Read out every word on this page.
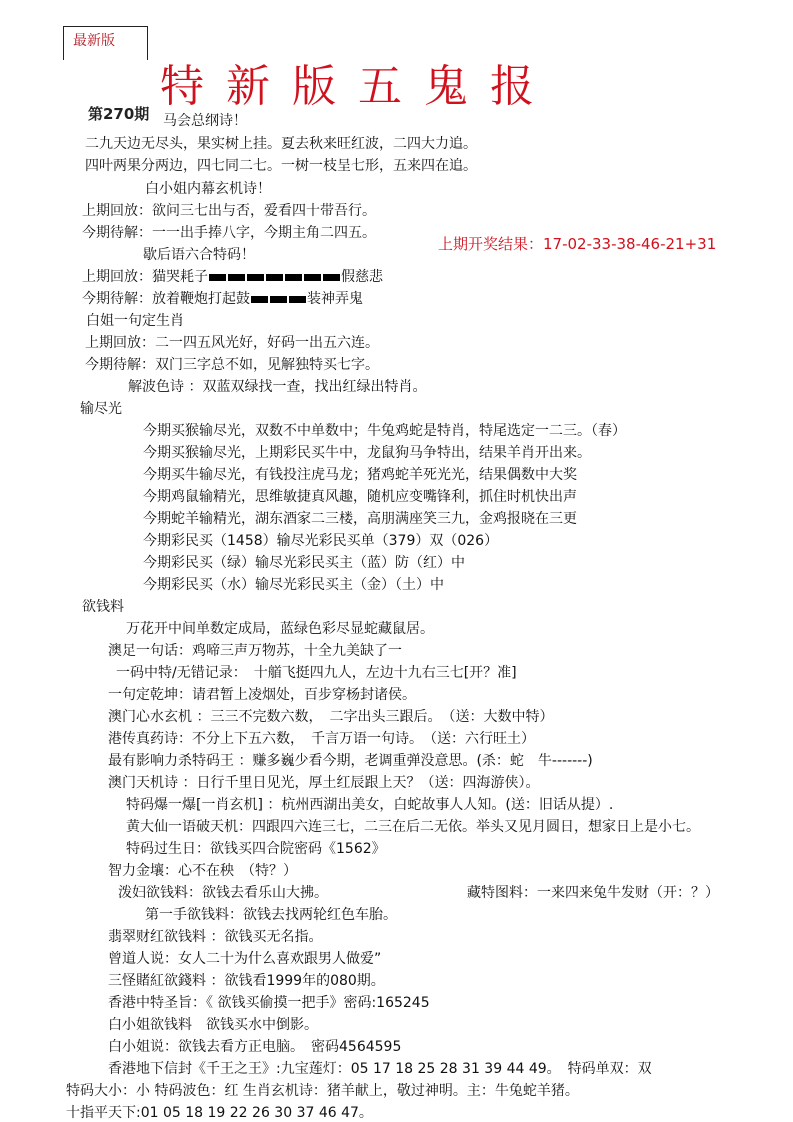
最新版
特新版五鬼报
第270期
上期开奖结果：17-02-33-38-46-21+31
马会总纲诗！
二九天边无尽头，果实树上挂。夏去秋来旺红波，二四大力追。
四叶两果分两边，四七同二七。一树一枝呈七形，五来四在追。
白小姐内幕玄机诗！
上期回放：欲问三七出与否，爱看四十带吾行。
今期待解：一一出手捧八字，今期主角二四五。
歇后语六合特码！
上期回放：猫哭耗子	假慈悲
今期待解：放着鞭炮打起鼓	装神弄鬼
白姐一句定生肖
上期回放：二一四五风光好，好码一出五六连。
今期待解：双门三字总不如，见解独特买七字。
解波色诗 ：双蓝双绿找一查，找出红绿出特肖。
输尽光
今期买猴输尽光，双数不中单数中；牛兔鸡蛇是特肖，特尾选定一二三。（春）
今期买猴输尽光，上期彩民买牛中，龙鼠狗马争特出，结果羊肖开出来。
今期买牛输尽光，有钱投注虎马龙；猪鸡蛇羊死光光，结果偶数中大奖
今期鸡鼠输精光，思维敏捷真风趣，随机应变嘴锋利，抓住时机快出声
今期蛇羊输精光，湖东酒家二三楼，高朋满座笑三九，金鸡报晓在三更
今期彩民买（1458）输尽光彩民买单（379）双（026）
今期彩民买（绿）输尽光彩民买主（蓝）防（红）中
今期彩民买（水）输尽光彩民买主（金）（土）中
欲钱料
万花开中间单数定成局，蓝绿色彩尽显蛇藏鼠居。
澳足一句话：鸡啼三声万物苏，十全九美缺了一
一码中特/无错记录：　十艏飞挺四九人，左边十九右三七[开？准]
一句定乾坤：请君暂上凌烟处，百步穿杨封诸侯。
澳门心水玄机 ：三三不完数六数，　二字出头三跟后。　（送：大数中特）
港传真药诗：不分上下五六数，　千言万语一句诗。　（送：六行旺土）
最有影响力杀特码王 ：赚多巍少看今期，老调重弹没意思。(杀：蛇　牛-------)
澳门天机诗 ：日行千里日见光，厚土红辰跟上天？（送：四海游侠）。
特码爆一爆[一肖玄机] ：杭州西湖出美女，白蛇故事人人知。(送：旧话从提）.
黄大仙一语破天机：四跟四六连三七，二三在后二无依。举头又见月圆日，想家日上是小七。
特码过生日：欲钱买四合院密码《1562》
智力金壤：心不在秧　（特？）
泼妇欲钱料：欲钱去看乐山大拂。	藏特图料：一来四来兔牛发财（开：？）
第一手欲钱料：欲钱去找两轮红色车胎。
翡翠财红欲钱料 ：欲钱买无名指。
曾道人说：女人二十为什么喜欢跟男人做爱”
三怪賭紅欲錢料 ：欲钱看1999年的080期。
香港中特圣旨：《 欲钱买偷摸一把手》密码:165245
白小姐欲钱料　欲钱买水中倒影。
白小姐说：欲钱去看方正电脑。　密码4564595
香港地下信封《千王之王》:九宝莲灯：05 17 18 25 28 31 39 44 49。　特码单双：双
特码大小：小 特码波色：红 生肖玄机诗：猪羊献上，敬过神明。主：牛兔蛇羊猪。
十指平天下:01 05 18 19 22 26 30 37 46 47。
